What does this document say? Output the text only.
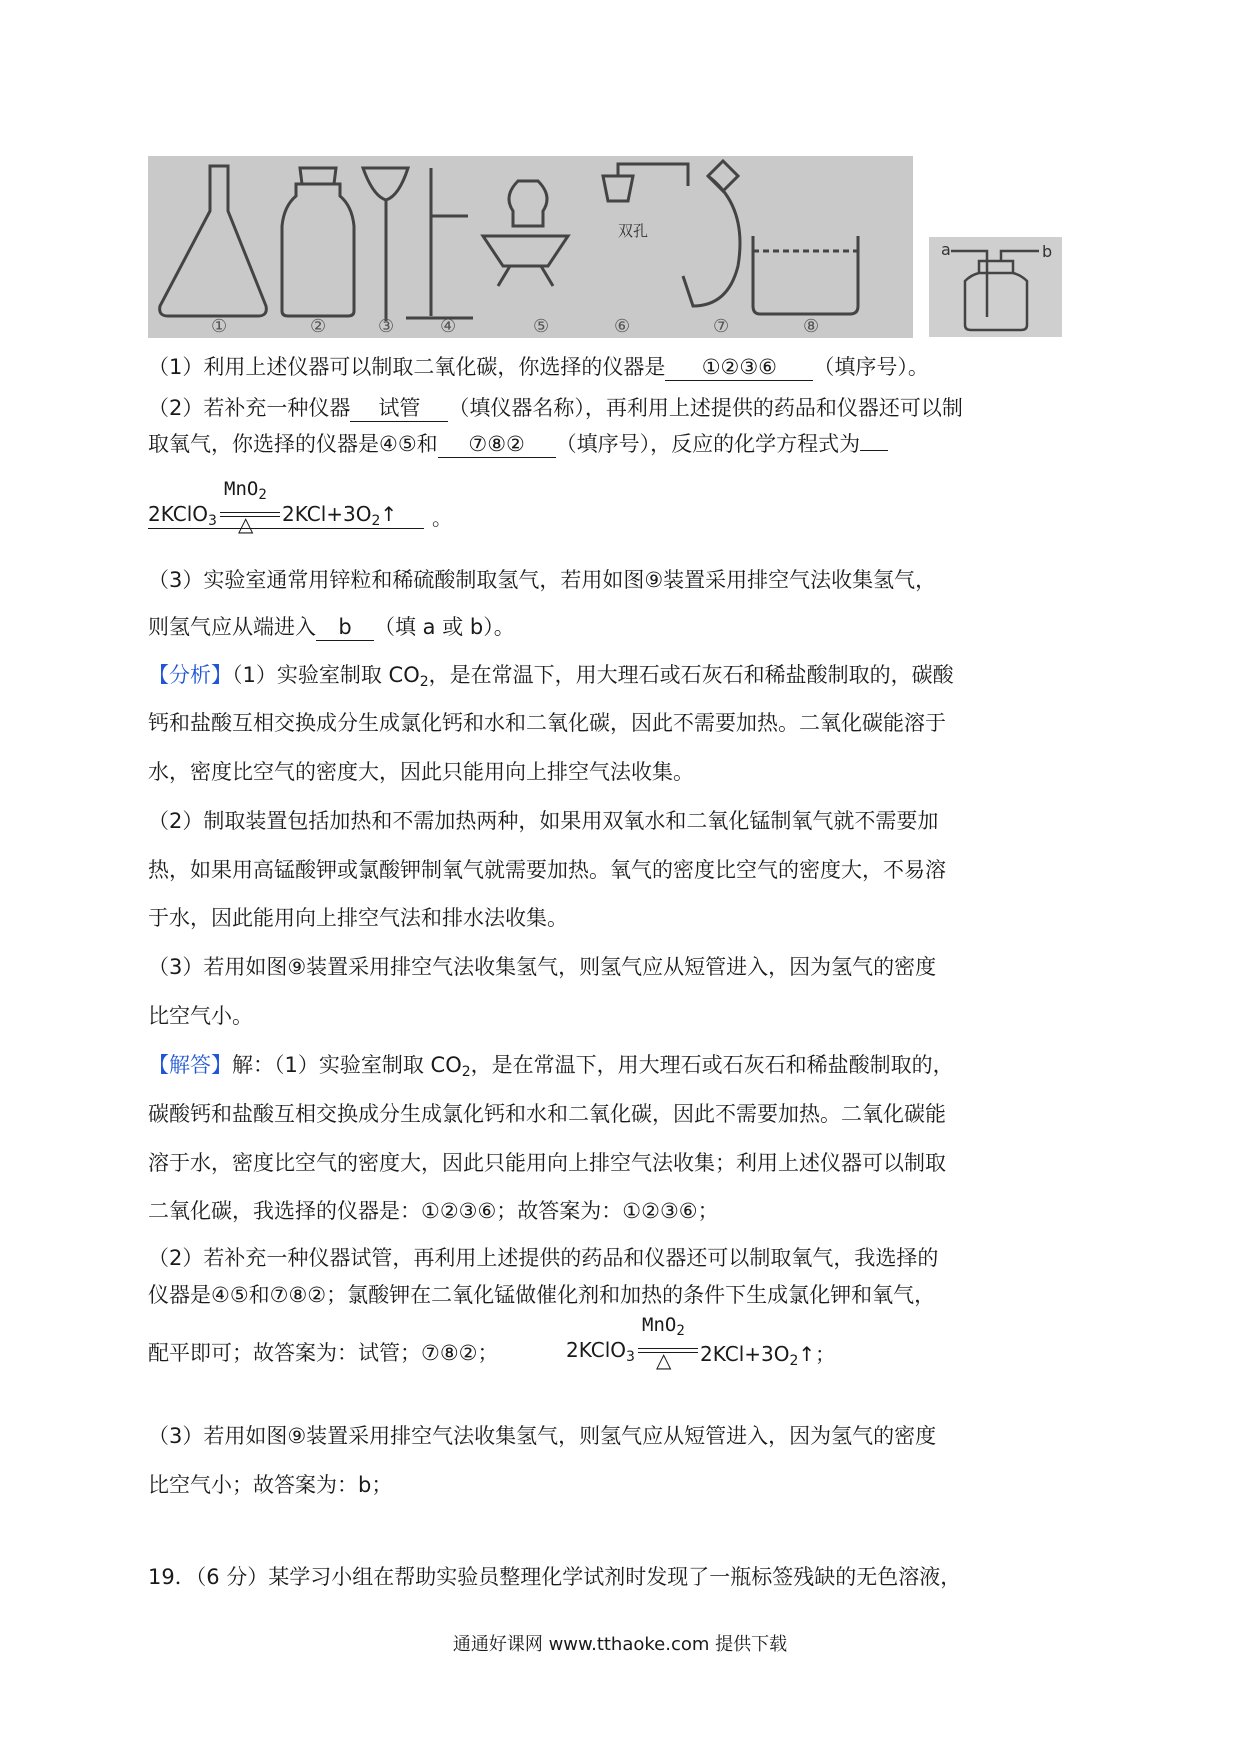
双孔
①	②	③	④	⑤	⑥	⑦	⑧
a	b
（1）利用上述仪器可以制取二氧化碳，你选择的仪器是 ①②③⑥ （填序号）。
（2）若补充一种仪器 试管 （填仪器名称），再利用上述提供的药品和仪器还可以制
取氧气，你选择的仪器是④⑤和 ⑦⑧② （填序号），反应的化学方程式为
2KClO$_3$
MnO$_2$
△ $2KCl+3O_2↑$ 。
（3）实验室通常用锌粒和稀硫酸制取氢气，若用如图⑨装置采用排空气法收集氢气，
则氢气应从端进入 b （填 a 或 b）。
【分析】（1）实验室制取 $CO_2$，是在常温下，用大理石或石灰石和稀盐酸制取的，碳酸
钙和盐酸互相交换成分生成氯化钙和水和二氧化碳，因此不需要加热。二氧化碳能溶于
水，密度比空气的密度大，因此只能用向上排空气法收集。
（2）制取装置包括加热和不需加热两种，如果用双氧水和二氧化锰制氧气就不需要加
热，如果用高锰酸钾或氯酸钾制氧气就需要加热。氧气的密度比空气的密度大，不易溶
于水，因此能用向上排空气法和排水法收集。
（3）若用如图⑨装置采用排空气法收集氢气，则氢气应从短管进入，因为氢气的密度
比空气小。
【解答】解：（1）实验室制取 $CO_2$，是在常温下，用大理石或石灰石和稀盐酸制取的，
碳酸钙和盐酸互相交换成分生成氯化钙和水和二氧化碳，因此不需要加热。二氧化碳能
溶于水，密度比空气的密度大，因此只能用向上排空气法收集；利用上述仪器可以制取
二氧化碳，我选择的仪器是：①②③⑥；故答案为：①②③⑥；
（2）若补充一种仪器试管，再利用上述提供的药品和仪器还可以制取氧气，我选择的
仪器是④⑤和⑦⑧②；氯酸钾在二氧化锰做催化剂和加热的条件下生成氯化钾和氧气，
配平即可；故答案为：试管；⑦⑧②；	2KClO$_3$
MnO$_2$
△ $2KCl+3O_2↑$；
（3）若用如图⑨装置采用排空气法收集氢气，则氢气应从短管进入，因为氢气的密度
比空气小；故答案为：b；
19．（6 分）某学习小组在帮助实验员整理化学试剂时发现了一瓶标签残缺的无色溶液，
通通好课网 www.tthaoke.com 提供下载
